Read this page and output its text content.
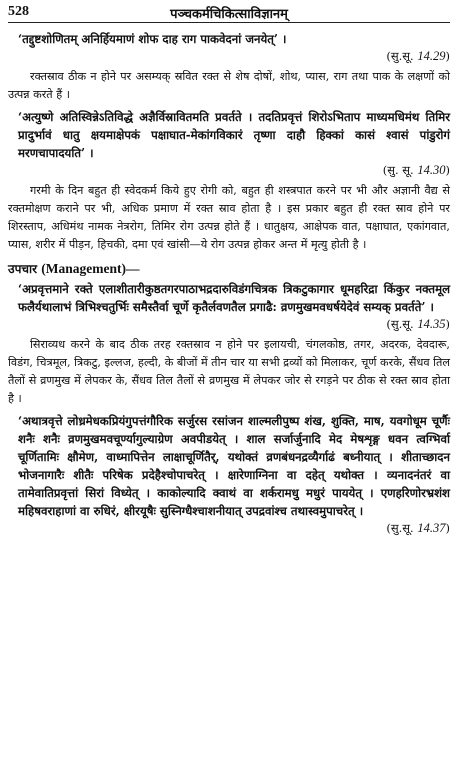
528	पञ्चकर्मचिकित्साविज्ञानम्

‘तद्दुष्टशोणितम् अनिर्हियमाणं शोफ दाह राग पाकवेदनां जनयेत्’ ।

(सु.सू. 14.29)

रक्तस्राव ठीक न होने पर असम्यक् स्रवित रक्त से शेष दोषों, शोथ, प्यास, राग तथा पाक के लक्षणों को उत्पन्न करते हैं ।

‘अत्युष्णे अतिस्विन्नेऽतिविद्धे अज्ञैर्विस्रावितमति प्रवर्तते । तदतिप्रवृत्तं शिरोऽभिताप माध्यमधिमंथ तिमिर प्रादुर्भावं धातु क्षयमाक्षेपकं पक्षाघात-मेकांगविकारं तृष्णा दाहौ हिक्कां कासं श्वासं पांडुरोगं मरणचापादयति’ ।

(सु. सू. 14.30)

गरमी के दिन बहुत ही स्वेदकर्म किये हुए रोगी को, बहुत ही शस्त्रपात करने पर भी और अज्ञानी वैद्य से रक्तमोक्षण कराने पर भी, अधिक प्रमाण में रक्त स्राव होता है । इस प्रकार बहुत ही रक्त स्राव होने पर शिरस्ताप, अधिमंथ नामक नेत्ररोग, तिमिर रोग उत्पन्न होते हैं । धातुक्षय, आक्षेपक वात, पक्षाघात, एकांगवात, प्यास, शरीर में पीड़न, हिचकी, दमा एवं खांसी—ये रोग उत्पन्न होकर अन्त में मृत्यु होती है ।

उपचार (Management)—

‘अप्रवृत्तमाने रक्ते एलाशीतारीकुष्ठतगरपाठाभद्रदारुविडंगचित्रक त्रिकटुकागार धूमहरिद्रा किंकुर नक्तमूल फलैर्यथालाभं त्रिभिश्चतुर्भिः समैस्तैर्वा चूर्णे कृतैर्लवणतैल प्रगाढै: व्रणमुखमवधर्षयेदेवं सम्यक् प्रवर्तते’ ।

(सु.सू. 14.35)

सिराव्यध करने के बाद ठीक तरह रक्तस्राव न होने पर इलायची, चंगलकोष्ठ, तगर, अदरक, देवदारू, विडंग, चित्रमूल, त्रिकटु, इल्लज, हल्दी, के बीजों में तीन चार या सभी द्रव्यों को मिलाकर, चूर्ण करके, सैंधव तिल तैलों से व्रणमुख में लेपकर के, सैंधव तिल तैलों से व्रणमुख में लेपकर जोर से रगड़ने पर ठीक से रक्त स्राव होता है ।

‘अथात्रवृत्ते लोध्रमेधकप्रियंगुपत्तंगौरिक सर्जुरस रसांजन शाल्मलीपुष्प शंख, शुक्ति, माष, यवगोधूम चूर्णैः शनैः शनैः व्रणमुखमवचूर्ण्यागुल्याग्रेण अवपीडयेत् । शाल सर्जार्जुनादि मेद मेषशृङ्ग धवन त्वग्भिर्वा चूर्णितामिः क्षौमेण, वाध्मापित्तेन लाक्षाचूर्णितैर्, यथोक्तं व्रणबंधनद्रव्यैर्गाढं बध्नीयात् । शीताच्छादन भोजनागारैः शीतैः परिषेक प्रदेहैश्चोपाचरेत् । क्षारेणाग्निना वा दहेत् यथोक्त । व्यनादनंतरं वा तामेवातिप्रवृत्तां सिरां विध्येत् । काकोल्यादि क्वाथं वा शर्करामधु मधुरं पाययेत् । एणहरिणोरभ्रशंश महिषवराहाणां वा रुधिरं, क्षीरयूषैः सुस्निग्धैश्चाशनीयात् उपद्रवांश्च तथास्वमुपाचरेत् ।

(सु.सू. 14.37)
